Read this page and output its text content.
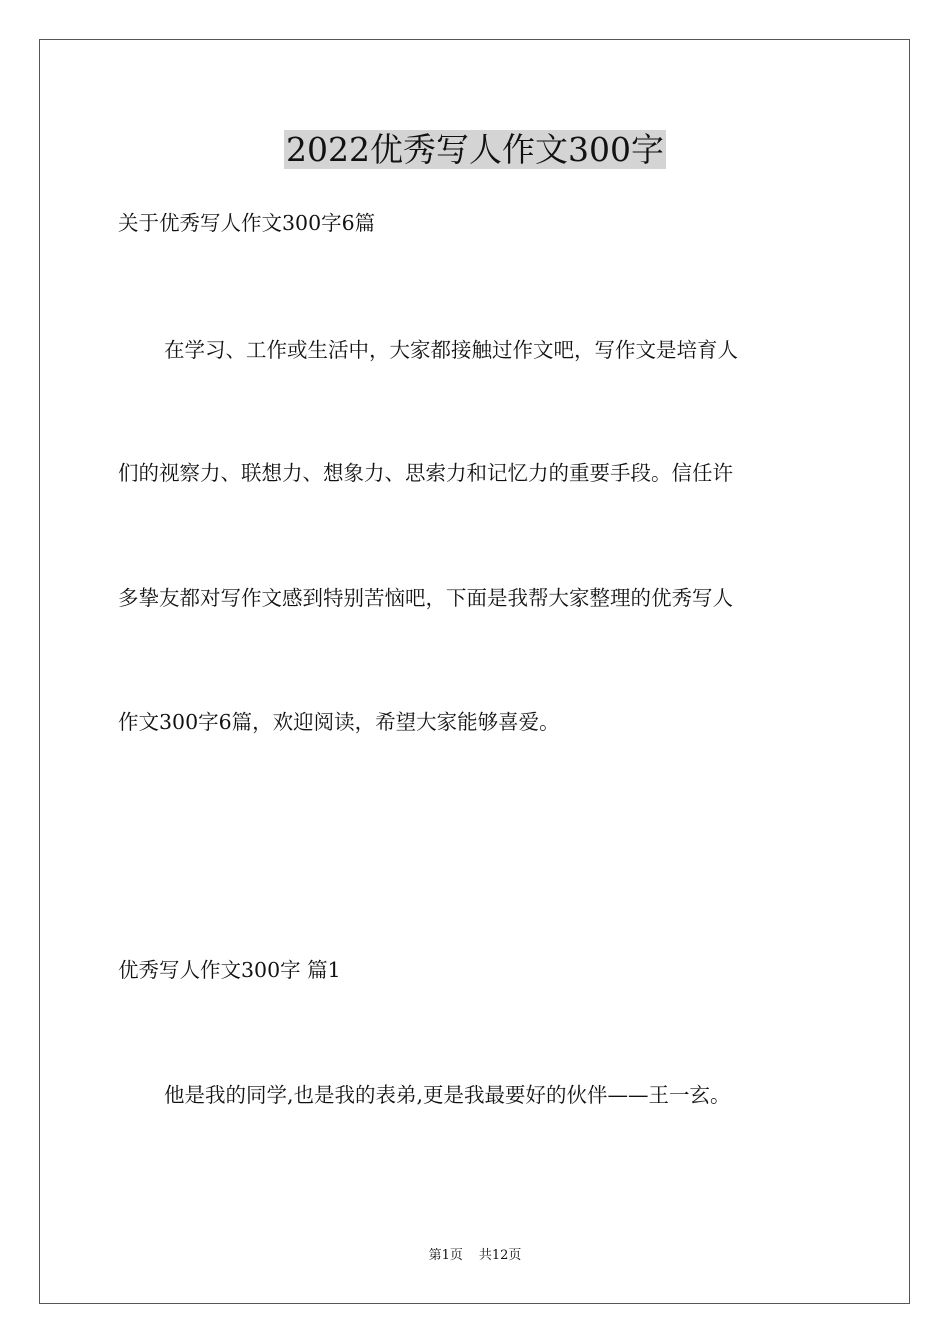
2022优秀写人作文300字
关于优秀写人作文300字6篇
在学习、工作或生活中，大家都接触过作文吧，写作文是培育人
们的视察力、联想力、想象力、思索力和记忆力的重要手段。信任许
多挚友都对写作文感到特别苦恼吧，下面是我帮大家整理的优秀写人
作文300字6篇，欢迎阅读，希望大家能够喜爱。
优秀写人作文300字 篇1
他是我的同学,也是我的表弟,更是我最要好的伙伴——王一玄。
第1页 共12页
